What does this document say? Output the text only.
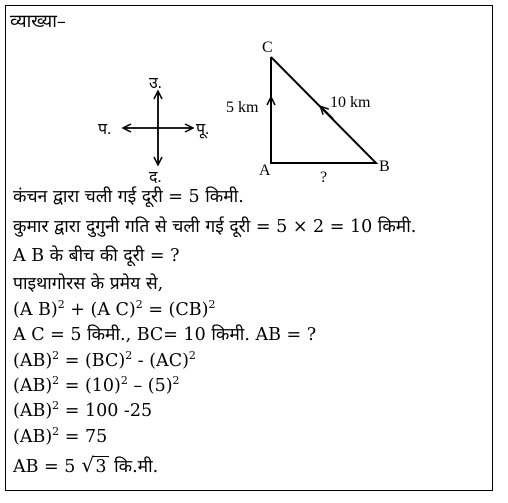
व्याख्या–
उ.
द.
प.	पू.
C
A	B
5 km	10 km
?
कंचन द्वारा चली गई दूरी = 5 किमी.
कुमार द्वारा दुगुनी गति से चली गई दूरी = 5 × 2 = 10 किमी.
A B के बीच की दूरी = ?
पाइथागोरस के प्रमेय से,
(A B)$^2$ + (A C)$^2$ = (CB)$^2$
A C = 5 किमी., BC= 10 किमी. AB = ?
(AB)$^2$ = (BC)$^2$ - (AC)$^2$
$(AB)^2 = (10)^2 - (5)^2$
(AB)$^2$ = 100 -25
(AB)$^2$ = 75
AB = 5 √ 3 कि.मी.
